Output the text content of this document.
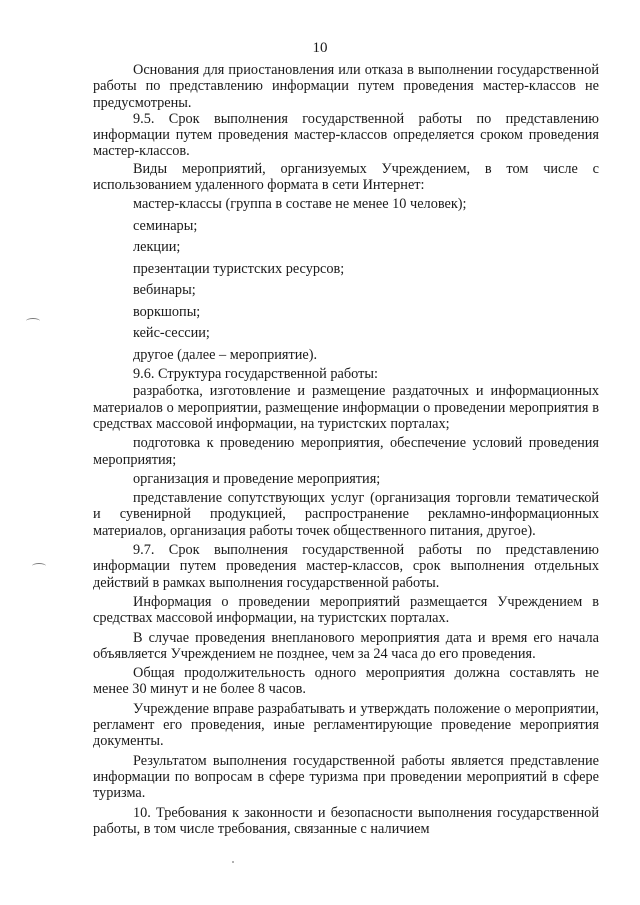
10

Основания для приостановления или отказа в выполнении государственной работы по представлению информации путем проведения мастер-классов не предусмотрены.

9.5. Срок выполнения государственной работы по представлению информации путем проведения мастер-классов определяется сроком проведения мастер-классов.

Виды мероприятий, организуемых Учреждением, в том числе с использованием удаленного формата в сети Интернет:

мастер-классы (группа в составе не менее 10 человек);

семинары;

лекции;

презентации туристских ресурсов;

вебинары;

воркшопы;

кейс-сессии;

другое (далее – мероприятие).

9.6. Структура государственной работы:

разработка, изготовление и размещение раздаточных и информационных материалов о мероприятии, размещение информации о проведении мероприятия в средствах массовой информации, на туристских порталах;

подготовка к проведению мероприятия, обеспечение условий проведения мероприятия;

организация и проведение мероприятия;

представление сопутствующих услуг (организация торговли тематической и сувенирной продукцией, распространение рекламно-информационных материалов, организация работы точек общественного питания, другое).

9.7. Срок выполнения государственной работы по представлению информации путем проведения мастер-классов, срок выполнения отдельных действий в рамках выполнения государственной работы.

Информация о проведении мероприятий размещается Учреждением в средствах массовой информации, на туристских порталах.

В случае проведения внепланового мероприятия дата и время его начала объявляется Учреждением не позднее, чем за 24 часа до его проведения.

Общая продолжительность одного мероприятия должна составлять не менее 30 минут и не более 8 часов.

Учреждение вправе разрабатывать и утверждать положение о мероприятии, регламент его проведения, иные регламентирующие проведение мероприятия документы.

Результатом выполнения государственной работы является представление информации по вопросам в сфере туризма при проведении мероприятий в сфере туризма.

10. Требования к законности и безопасности выполнения государственной работы, в том числе требования, связанные с наличием
